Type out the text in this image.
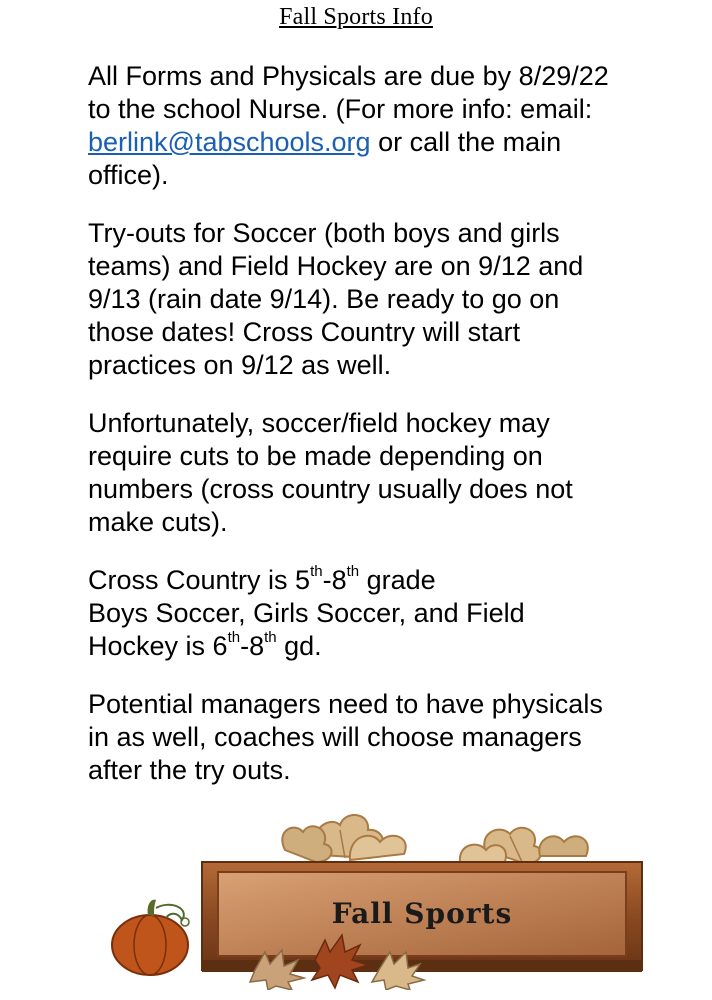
Fall Sports Info

All Forms and Physicals are due by 8/29/22
to the school Nurse. (For more info: email:
berlink@tabschools.org or call the main
office).

Try-outs for Soccer (both boys and girls
teams) and Field Hockey are on 9/12 and
9/13 (rain date 9/14). Be ready to go on
those dates! Cross Country will start
practices on 9/12 as well.

Unfortunately, soccer/field hockey may
require cuts to be made depending on
numbers (cross country usually does not
make cuts).

Cross Country is 5th-8th grade
Boys Soccer, Girls Soccer, and Field
Hockey is 6th-8th gd.

Potential managers need to have physicals
in as well, coaches will choose managers
after the try outs.

Fall Sports
